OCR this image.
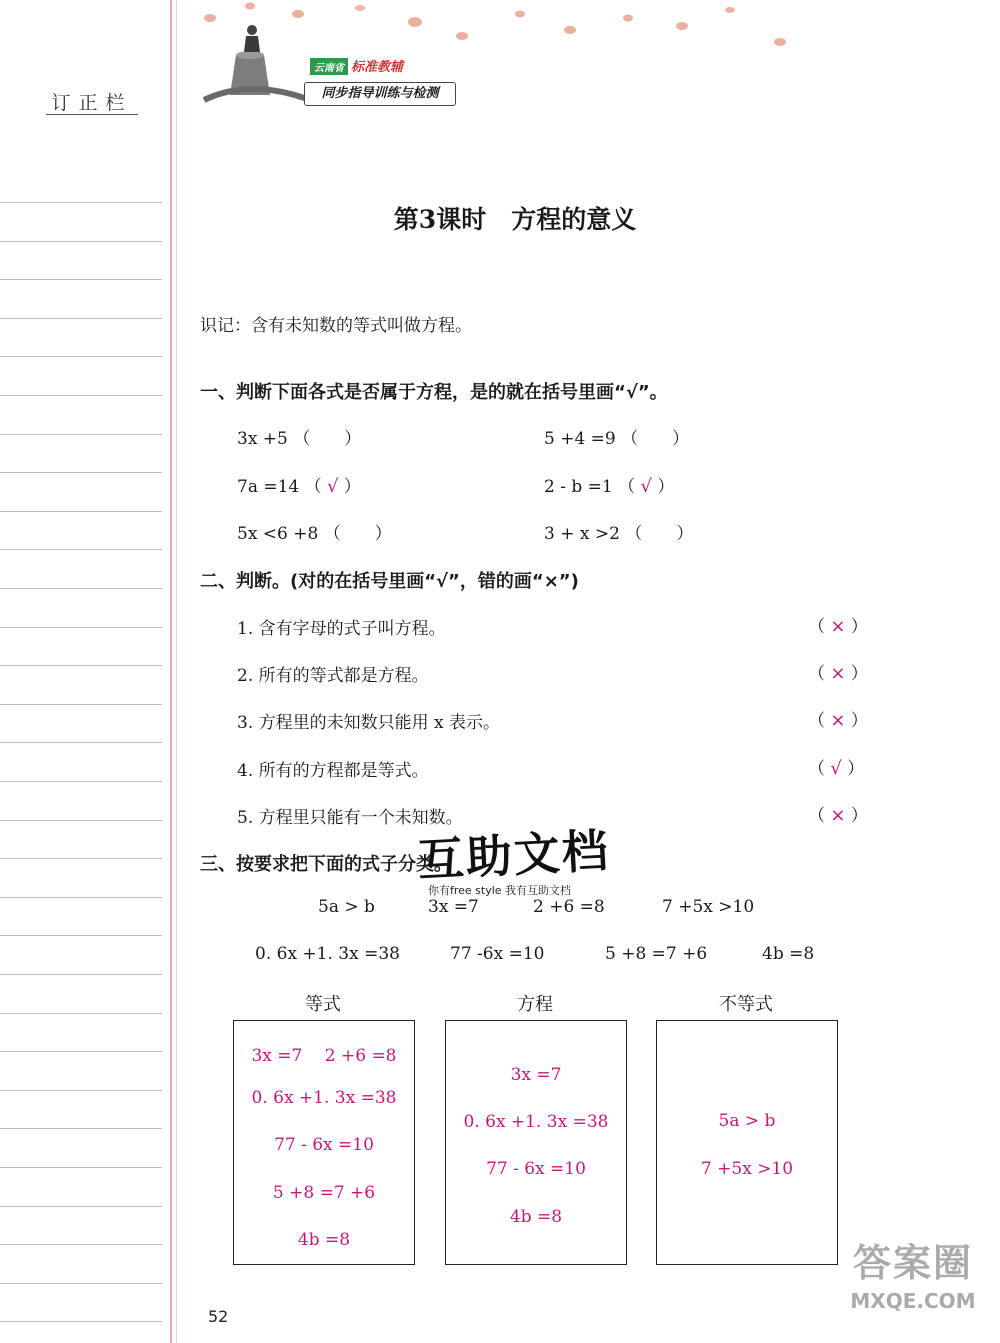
订正栏
云南省 标准教辅
同步指导训练与检测
第3课时　方程的意义
识记：含有未知数的等式叫做方程。
一、判断下面各式是否属于方程，是的就在括号里画“√”。
3x +5 （　　）	5 +4 =9 （　　）
7a =14 （ √ ）	2 - b =1 （ √ ）
5x <6 +8 （　　）	3 + x >2 （　　）
二、判断。(对的在括号里画“√”，错的画“×”)
1. 含有字母的式子叫方程。	（ × ）
2. 所有的等式都是方程。	（ × ）
3. 方程里的未知数只能用 x 表示。	（ × ）
4. 所有的方程都是等式。	（ √ ）
5. 方程里只能有一个未知数。	（ × ）
三、按要求把下面的式子分类。
互助文档
你有free style 我有互助文档
5a > b	3x =7	2 +6 =8	7 +5x >10
0. 6x +1. 3x =38	77 -6x =10	5 +8 =7 +6	4b =8
等式	方程	不等式
3x =7　 2 +6 =8
0. 6x +1. 3x =38
77 - 6x =10
5 +8 =7 +6
4b =8
3x =7
0. 6x +1. 3x =38
77 - 6x =10
4b =8
5a > b
7 +5x >10
答案圈
MXQE.COM
52
